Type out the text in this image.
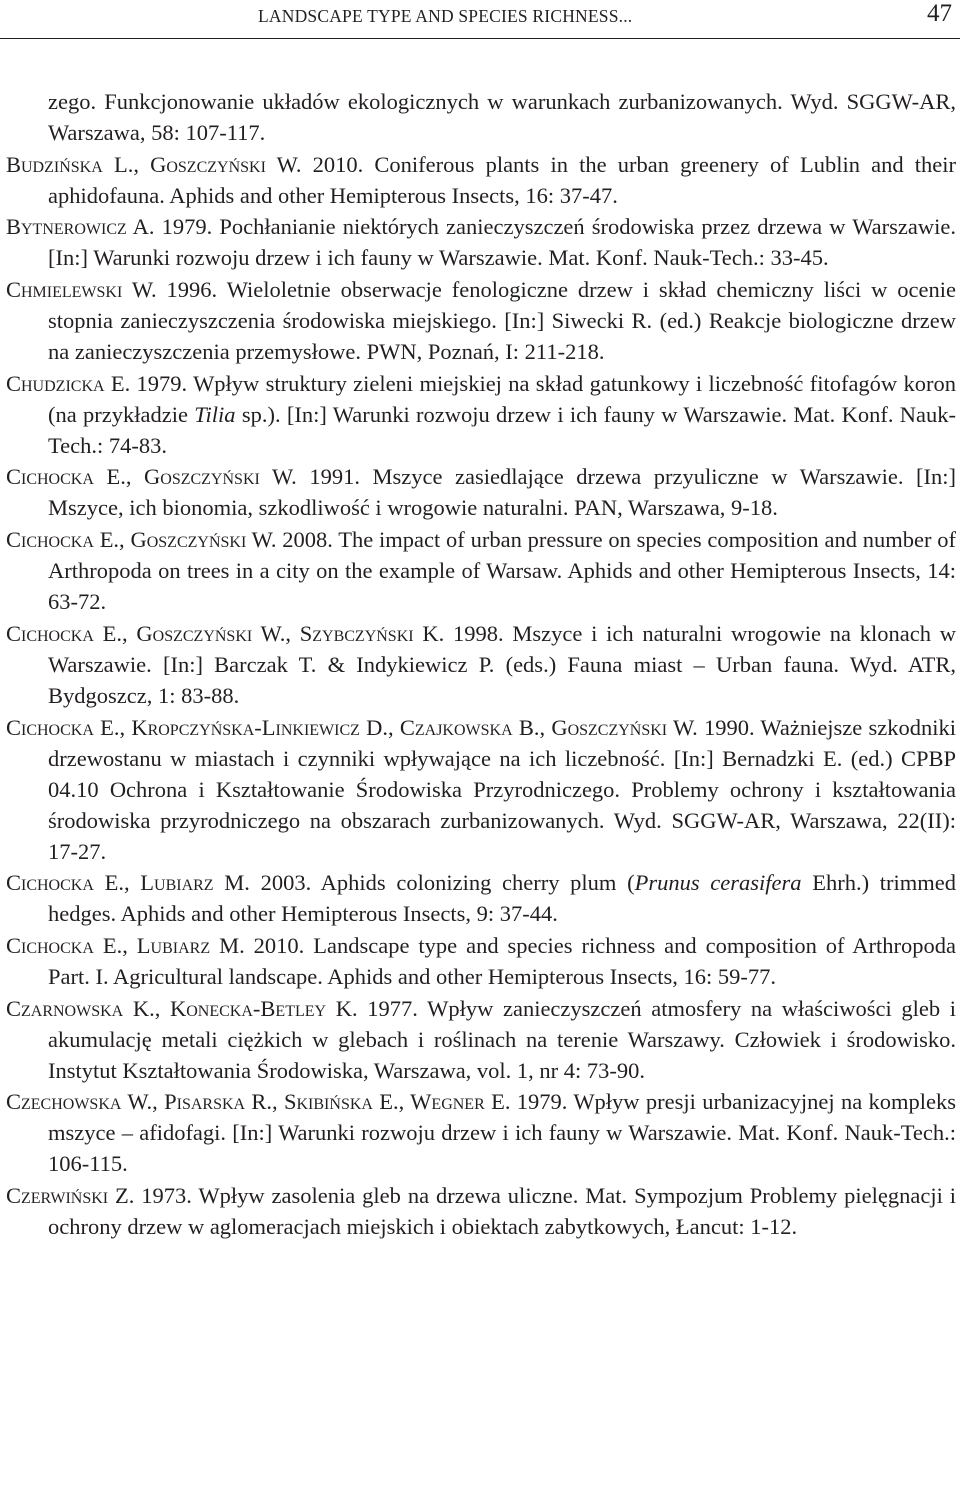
LANDSCAPE TYPE AND SPECIES RICHNESS...	47

zego. Funkcjonowanie układów ekologicznych w warunkach zurbanizowanych. Wyd. SGGW-AR, Warszawa, 58: 107-117.

Budzińska L., Goszczyński W. 2010. Coniferous plants in the urban greenery of Lublin and their aphidofauna. Aphids and other Hemipterous Insects, 16: 37-47.

Bytnerowicz A. 1979. Pochłanianie niektórych zanieczyszczeń środowiska przez drzewa w Warszawie. [In:] Warunki rozwoju drzew i ich fauny w Warszawie. Mat. Konf. Nauk-Tech.: 33-45.

Chmielewski W. 1996. Wieloletnie obserwacje fenologiczne drzew i skład chemiczny liści w ocenie stopnia zanieczyszczenia środowiska miejskiego. [In:] Siwecki R. (ed.) Reakcje biologiczne drzew na zanieczyszczenia przemysłowe. PWN, Poznań, I: 211-218.

Chudzicka E. 1979. Wpływ struktury zieleni miejskiej na skład gatunkowy i liczebność fitofagów koron (na przykładzie Tilia sp.). [In:] Warunki rozwoju drzew i ich fauny w Warszawie. Mat. Konf. Nauk-Tech.: 74-83.

Cichocka E., Goszczyński W. 1991. Mszyce zasiedlające drzewa przyuliczne w Warszawie. [In:] Mszyce, ich bionomia, szkodliwość i wrogowie naturalni. PAN, Warszawa, 9-18.

Cichocka E., Goszczyński W. 2008. The impact of urban pressure on species composition and number of Arthropoda on trees in a city on the example of Warsaw. Aphids and other Hemipterous Insects, 14: 63-72.

Cichocka E., Goszczyński W., Szybczyński K. 1998. Mszyce i ich naturalni wrogowie na klonach w Warszawie. [In:] Barczak T. & Indykiewicz P. (eds.) Fauna miast – Urban fauna. Wyd. ATR, Bydgoszcz, 1: 83-88.

Cichocka E., Kropczyńska-Linkiewicz D., Czajkowska B., Goszczyński W. 1990. Ważniejsze szkodniki drzewostanu w miastach i czynniki wpływające na ich liczebność. [In:] Bernadzki E. (ed.) CPBP 04.10 Ochrona i Kształtowanie Środowiska Przyrodniczego. Problemy ochrony i kształtowania środowiska przyrodniczego na obszarach zurbanizowanych. Wyd. SGGW-AR, Warszawa, 22(II): 17-27.

Cichocka E., Lubiarz M. 2003. Aphids colonizing cherry plum (Prunus cerasifera Ehrh.) trimmed hedges. Aphids and other Hemipterous Insects, 9: 37-44.

Cichocka E., Lubiarz M. 2010. Landscape type and species richness and composition of Arthropoda Part. I. Agricultural landscape. Aphids and other Hemipterous Insects, 16: 59-77.

Czarnowska K., Konecka-Betley K. 1977. Wpływ zanieczyszczeń atmosfery na właściwości gleb i akumulację metali ciężkich w glebach i roślinach na terenie Warszawy. Człowiek i środowisko. Instytut Kształtowania Środowiska, Warszawa, vol. 1, nr 4: 73-90.

Czechowska W., Pisarska R., Skibińska E., Wegner E. 1979. Wpływ presji urbanizacyjnej na kompleks mszyce – afidofagi. [In:] Warunki rozwoju drzew i ich fauny w Warszawie. Mat. Konf. Nauk-Tech.: 106-115.

Czerwiński Z. 1973. Wpływ zasolenia gleb na drzewa uliczne. Mat. Sympozjum Problemy pielęgnacji i ochrony drzew w aglomeracjach miejskich i obiektach zabytkowych, Łancut: 1-12.
